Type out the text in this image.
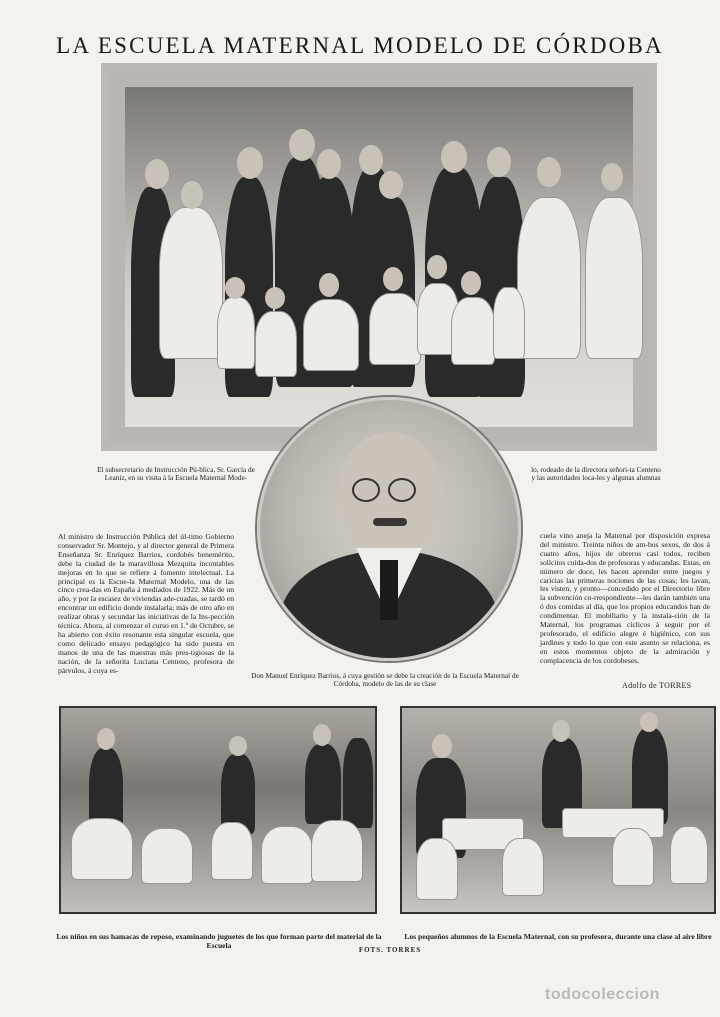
LA ESCUELA MATERNAL MODELO DE CÓRDOBA
El subsecretario de Instrucción Pú-blica, Sr. García de Leaniz, en su visita á la Escuela Maternal Mode-
lo, rodeado de la directora señori-ta Centeno y las autoridades loca-les y algunas alumnas
Al ministro de Instrucción Pública del úl-timo Gobierno conservador Sr. Montejo, y al director general de Primera Enseñanza Sr. Enríquez Barrios, cordobés benemérito, debe la ciudad de la maravillosa Mezquita incontables mejoras en lo que se refiere á fomento intelectual. La principal es la Escue-la Maternal Modelo, una de las cinco crea-das en España á mediados de 1922. Más de un año, y por la escasez de viviendas ade-cuadas, se tardó en encontrar un edificio donde instalarla; más de otro año en realizar obras y secundar las iniciativas de la Ins-pección técnica. Ahora, al comenzar el curso en 1.º de Octubre, se ha abierto con éxito resonante esta singular escuela, que como delicado ensayo pedagógico ha sido puesta en manos de una de las maestras más pres-tigiosas de la nación, de la señorita Luciana Centeno, profesora de párvulos, á cuya es-
cuela vino aneja la Maternal por disposición expresa del ministro. Treinta niños de am-bos sexos, de dos á cuatro años, hijos de obreros casi todos, reciben solícitos cuida-dos de profesoras y educandas. Estas, en número de doce, les hacen aprender entre juegos y caricias las primeras nociones de las cosas; les lavan, les visten, y pronto—concedido por el Directorio libre la subvención co-rrespondiente—les darán también una ó dos comidas al día, que los propios educandos han de condimentar. El mobiliario y la instala-ción de la Maternal, los programas cíclicos á seguir por el profesorado, el edificio alegre é higiénico, con sus jardines y todo lo que con este asunto se relaciona, es en estos momentos objeto de la admiración y complacencia de los cordobeses.
Don Manuel Enríquez Barrios, á cuya gestión se debe la creación de la Escuela Maternal de Córdoba, modelo de las de su clase	Adolfo de TORRES
Los niños en sus hamacas de reposo, examinando juguetes de los que forman parte del material de la Escuela
Los pequeños alumnos de la Escuela Maternal, con su profesora, durante una clase al aire libre
FOTS. TORRES
todocoleccion
